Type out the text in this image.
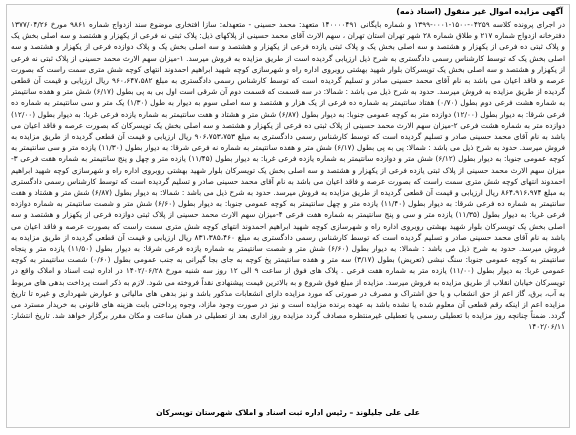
آگهی مزایده اموال غیر منقول (اسناد ذمه)

در اجرای پرونده کلاسه ۰۴۲۵۹-۱۵۰۰-۰۰۰۱-۱۳۹۹ و شماره بایگانی ۱۴۰۰۰۰۴۹۱ متعهد: محمد حسینی - متعهدله: سازا افتخاری موضوع سند ازدواج شماره ۹۸۶۱ مورخ ۱۳۷۷/۰۴/۲۶ دفترخانه ازدواج شماره ۲۱۷ و طلاق شماره ۲۸ شهر تهران استان تهران ، سهم الارث آقای محمد حسینی از پلاکهای ذیل: پلاک ثبتی نه فرعی از یکهزار و هشتصد و سه اصلی بخش یک و پلاک ثبتی ده فرعی از یکهزار و هشتصد و سه اصلی بخش یک و پلاک ثبتی یازده فرعی از یکهزار و هشتصد و سه اصلی بخش یک و پلاک دوازده فرعی از یکهزار و هشتصد و سه اصلی بخش یک که توسط کارشناس رسمی دادگستری به شرح ذیل ارزیابی گردیده است از طریق مزایده به فروش میرسد. ۱-میزان سهم الارث محمد حسینی از پلاک ثبتی نه فرعی از یکهزار و هشتصد و سه اصلی بخش یک تویسرکان بلوار شهید بهشتی روبروی اداره راه و شهرسازی کوچه شهید ابراهیم احمدوند انتهای کوچه شش متری سمت راست که بصورت عرصه و فاقد اعیان می باشد به نام آقای محمد حسینی صادر و تسلیم گردیده است که توسط کارشناس رسمی دادگستری به مبلغ ۹۶۰،۶۴۷،۵۸۲ ریال ارزیابی و قیمت آن قطعی گردیده از طریق مزایده به فروش میرسد. حدود به شرح ذیل می باشد : شمالا: در سه قسمت که قسمت دوم آن شرقی است اول بی به پی بطول (۶/۱۷) شش متر و هفده سانتیمتر به شماره هشت فرعی دوم بطول (۰/۷۰) هفتاد سانتیمتر به شماره ده فرعی از یک هزار و هشتصد و سه اصلی سوم به دیوار به طول (۱/۳۰) یک متر و سی سانتیمتر به شماره ده فرعی شرقا: به دیوار بطول (۱۲/۰۰) دوازده متر به کوچه عمومی جنوبا: به دیوار بطول (۶/۸۷) شش متر و هشتاد و هفت سانتیمتر به شماره یازده فرعی غربا: به دیوار بطول (۱۲/۰۰) دوازده متر به شماره هشت فرعی ۲-میزان سهم الارث محمد حسینی از پلاک ثبتی ده فرعی از یکهزار و هشتصد و سه اصلی بخش یک تویسرکان که بصورت عرصه و فاقد اعیان می باشد به نام آقای محمد حسینی صادر و تسلیم گردیده است که توسط کارشناس رسمی دادگستری به مبلغ ۹۰۶،۷۵۳،۷۵۳ ریال ارزیابی و قیمت آن قطعی گردیده از طریق مزایده به فروش میرسد. حدود به شرح ذیل می باشد : شمالا: پی به پی بطول (۶/۱۷) شش متر و هفده سانتیمتر به شماره نه فرعی شرقا: به دیوار بطول (۱۱/۳۰) یازده متر و سی سانتیمتر به کوچه عمومی جنوبا: به دیوار بطول (۶/۱۲) شش متر و دوازده سانتیمتر به شماره یازده فرعی غربا: به دیوار بطول (۱۱/۴۵) یازده متر و چهل و پنج سانتیمتر به شماره هفت فرعی ۳-میزان سهم الارث محمد حسینی از پلاک ثبتی یازده فرعی از یکهزار و هشتصد و سه اصلی بخش یک تویسرکان بلوار شهید بهشتی روبروی اداره راه و شهرسازی کوچه شهید ابراهیم احمدوند انتهای کوچه شش متری سمت راست که بصورت عرصه و فاقد اعیان می باشد به نام آقای محمد حسینی صادر و تسلیم گردیده است که توسط کارشناس رسمی دادگستری به مبلغ ۸۶۴،۹۱۶،۹۷۴ ریال ارزیابی و قیمت آن قطعی گردیده از طریق مزایده به فروش میرسد. حدود به شرح ذیل می باشد : شمالا: به دیوار بطول (۶/۸۷) شش متر و هشتاد و هفت سانتیمتر به شماره ده فرعی شرقا: به دیوار بطول (۱۱/۴۰) یازده متر و چهل سانتیمتر به کوچه عمومی جنوبا: به دیوار بطول (۶/۶۰) شش متر و شصت سانتیمتر به شماره دوازده فرعی غربا: به دیوار بطول (۱۱/۳۵) یازده متر و سی و پنج سانتیمتر به شماره هفت فرعی ۴-میزان سهم الارث محمد حسینی از پلاک ثبتی دوازده فرعی از یکهزار و هشتصد و سه اصلی بخش یک تویسرکان بلوار شهید بهشتی روبروی اداره راه و شهرسازی کوچه شهید ابراهیم احمدوند انتهای کوچه شش متری سمت راست که بصورت عرصه و فاقد اعیان می باشد به نام آقای محمد حسینی صادر و تسلیم گردیده است که توسط کارشناس رسمی دادگستری به مبلغ ۸۳۱،۳۸۵،۴۶۰ ریال ارزیابی و قیمت آن قطعی گردیده از طریق مزایده به فروش میرسد. حدود به شرح ذیل می باشد : شمالا: به دیوار بطول (۶/۶۰) شش متر و شصت سانتیمتر به شماره یازده فرعی شرقا: به دیوار بطول (۱۱/۵۰) یازده متر و پنجاه سانتیمتر به کوچه عمومی جنوبا: سنگ نبشی (تعریض) بطول (۳/۱۷) سه متر و هفده سانتیمتر پخ کوچه به جای بجا گیرانی به جنب عمومی بطول (۰/۶۰) شصت سانتیمتر به کوچه عمومی غربا: به دیوار بطول (۱۱/۰۰) یازده متر به شماره هفت فرعی . پلاک های فوق از ساعت ۹ الی ۱۲ روز سه شنبه مورخ ۱۴۰۲/۰۶/۲۸ در اداره ثبت اسناد و املاک واقع در تویسرکان خیابان انقلاب از طریق مزایده به فروش میرسد. مزایده از مبلغ فوق شروع و به بالاترین قیمت پیشنهادی نقداً فروخته می شود. لازم به ذکر است پرداخت بدهی های مربوط به آب، برق، گاز اعم از حق انشعاب و یا حق اشتراک و مصرف در صورتی که مورد مزایده دارای انشعابات مذکور باشد و نیز بدهی های مالیاتی و عوارض شهرداری و غیره تا تاریخ مزایده اعم از اینکه رقم قطعی آن معلوم شده یا نشده باشد به عهده برنده مزایده است و نیز در صورت وجود مازاد، وجوه پرداختی بابت هزینه های قانونی به خریدار مسترد می گردد. ضمناً چنانچه روز مزایده با تعطیلی رسمی یا تعطیلی غیرمنتظره مصادف گردد مزایده روز اداری بعد از تعطیلی در همان ساعت و مکان مقرر برگزار خواهد شد. تاریخ انتشار: ۱۴۰۲/۰۶/۱۱

علی علی جلیلوند – رئیس اداره ثبت اسناد و املاک شهرستان تویسرکان
